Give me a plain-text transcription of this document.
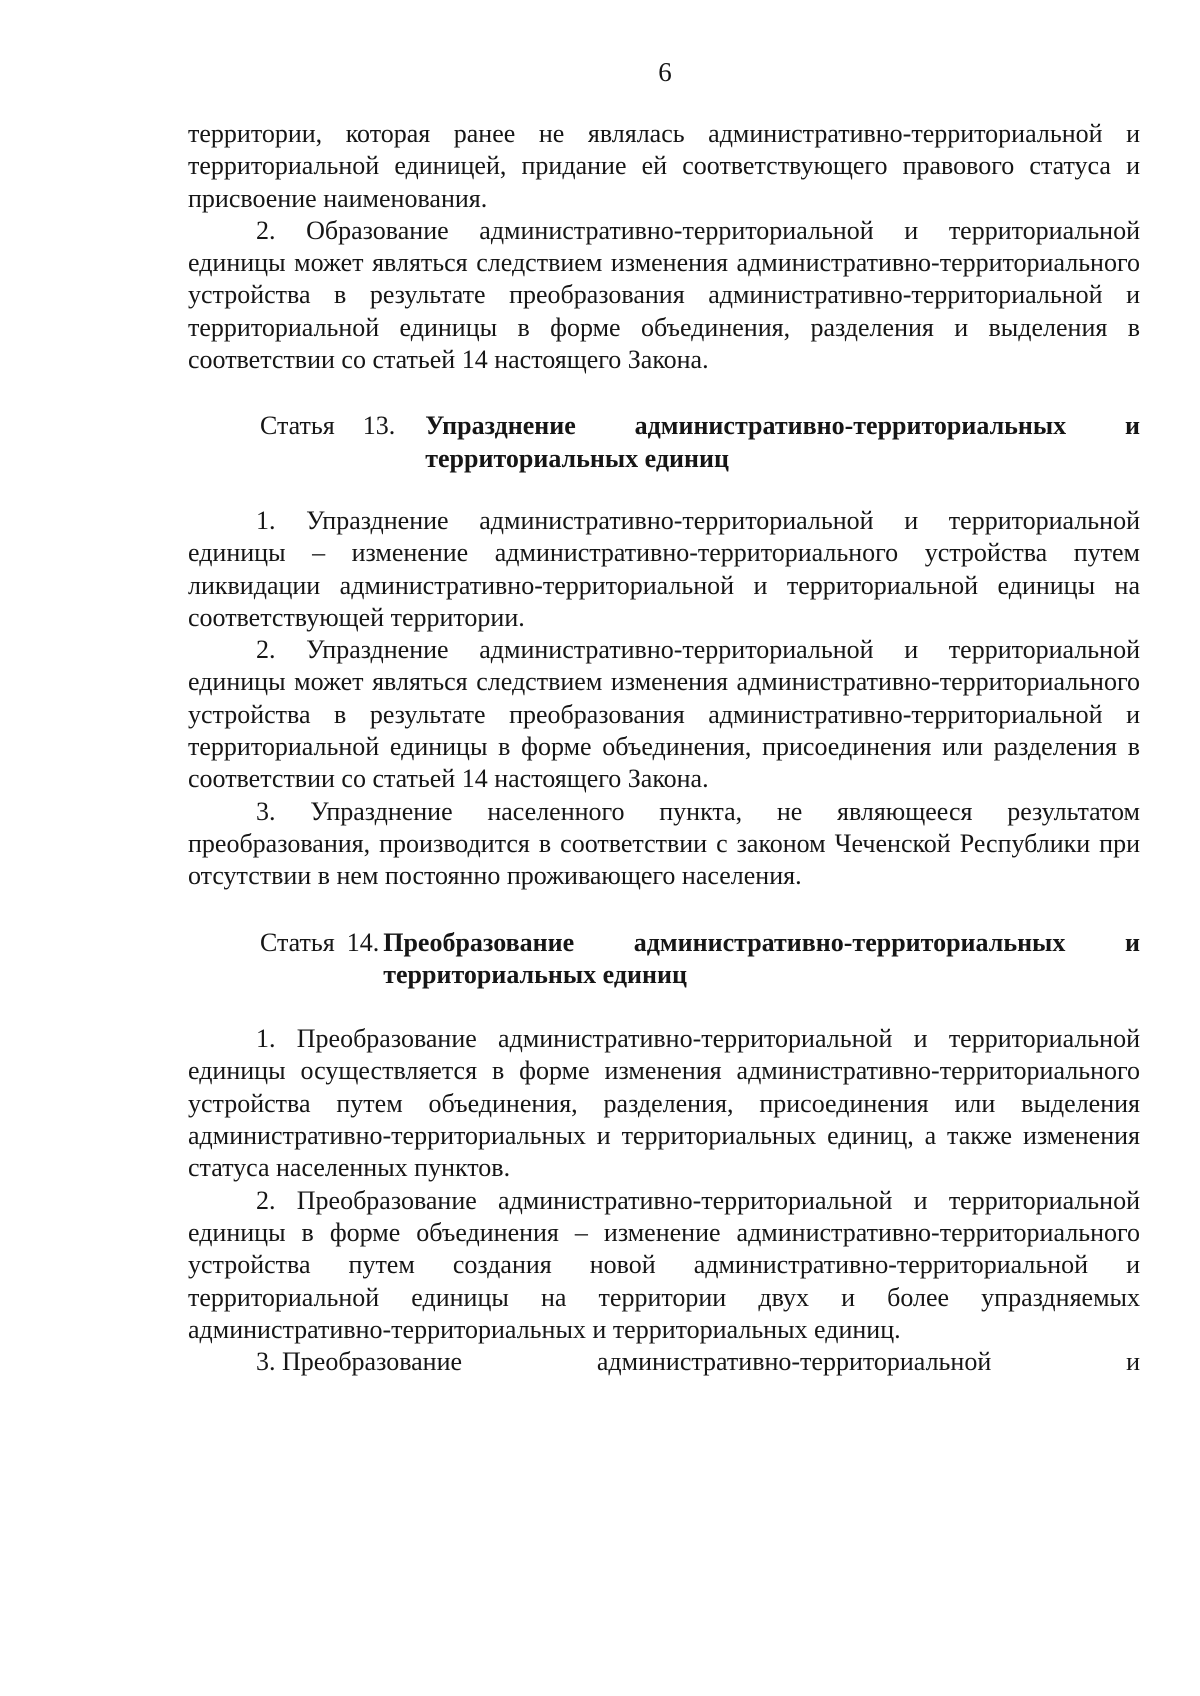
6

территории, которая ранее не являлась административно-территориальной и территориальной единицей, придание ей соответствующего правового статуса и присвоение наименования.

2. Образование административно-территориальной и территориальной единицы может являться следствием изменения административно-территориального устройства в результате преобразования административно-территориальной и территориальной единицы в форме объединения, разделения и выделения в соответствии со статьей 14 настоящего Закона.

Статья	13.	Упразднение административно-территориальных и территориальных единиц

1. Упразднение административно-территориальной и территориальной единицы – изменение административно-территориального устройства путем ликвидации административно-территориальной и территориальной единицы на соответствующей территории.

2. Упразднение административно-территориальной и территориальной единицы может являться следствием изменения административно-территориального устройства в результате преобразования административно-территориальной и территориальной единицы в форме объединения, присоединения или разделения в соответствии со статьей 14 настоящего Закона.

3. Упразднение населенного пункта, не являющееся результатом преобразования, производится в соответствии с законом Чеченской Республики при отсутствии в нем постоянно проживающего населения.

Статья 14. Преобразование административно-территориальных и территориальных единиц

1. Преобразование административно-территориальной и территориальной единицы осуществляется в форме изменения административно-территориального устройства путем объединения, разделения, присоединения или выделения административно-территориальных и территориальных единиц, а также изменения статуса населенных пунктов.

2. Преобразование административно-территориальной и территориальной единицы в форме объединения – изменение административно-территориального устройства путем создания новой административно-территориальной и территориальной единицы на территории двух и более упраздняемых административно-территориальных и территориальных единиц.

3. Преобразование	административно-территориальной	и
